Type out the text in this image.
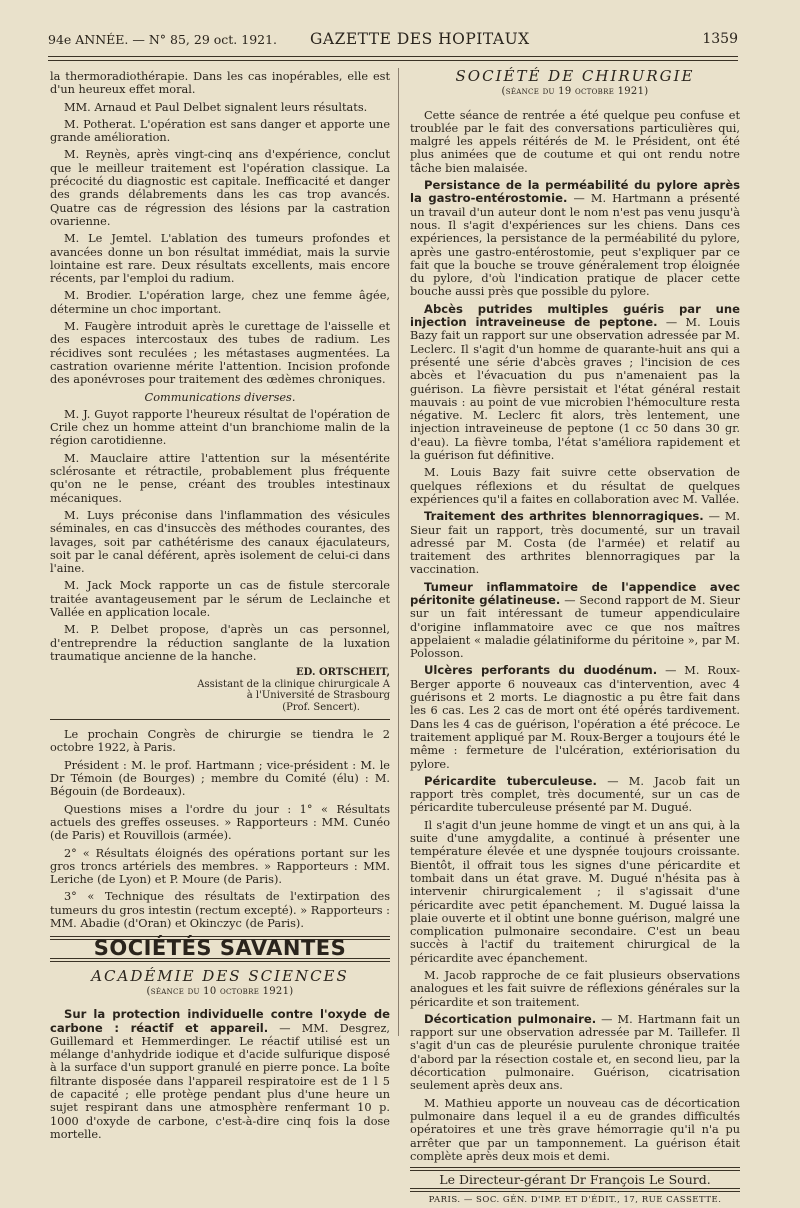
94e ANNÉE. — N° 85, 29 oct. 1921. GAZETTE DES HOPITAUX	1359

la thermoradiothérapie. Dans les cas inopérables, elle est d'un heureux effet moral.

MM. Arnaud et Paul Delbet signalent leurs résultats.

M. Potherat. L'opération est sans danger et apporte une grande amélioration.

M. Reynès, après vingt-cinq ans d'expérience, conclut que le meilleur traitement est l'opération classique. La précocité du diagnostic est capitale. Inefficacité et danger des grands délabrements dans les cas trop avancés. Quatre cas de régression des lésions par la castration ovarienne.

M. Le Jemtel. L'ablation des tumeurs profondes et avancées donne un bon résultat immédiat, mais la survie lointaine est rare. Deux résultats excellents, mais encore récents, par l'emploi du radium.

M. Brodier. L'opération large, chez une femme âgée, détermine un choc important.

M. Faugère introduit après le curettage de l'aisselle et des espaces intercostaux des tubes de radium. Les récidives sont reculées ; les métastases augmentées. La castration ovarienne mérite l'attention. Incision profonde des aponévroses pour traitement des œdèmes chroniques.

Communications diverses.

M. J. Guyot rapporte l'heureux résultat de l'opération de Crile chez un homme atteint d'un branchiome malin de la région carotidienne.

M. Mauclaire attire l'attention sur la mésentérite sclérosante et rétractile, probablement plus fréquente qu'on ne le pense, créant des troubles intestinaux mécaniques.

M. Luys préconise dans l'inflammation des vésicules séminales, en cas d'insuccès des méthodes courantes, des lavages, soit par cathétérisme des canaux éjaculateurs, soit par le canal déférent, après isolement de celui-ci dans l'aine.

M. Jack Mock rapporte un cas de fistule stercorale traitée avantageusement par le sérum de Leclainche et Vallée en application locale.

M. P. Delbet propose, d'après un cas personnel, d'entreprendre la réduction sanglante de la luxation traumatique ancienne de la hanche.

ED. ORTSCHEIT,

Assistant de la clinique chirurgicale A

à l'Université de Strasbourg

(Prof. Sencert).

Le prochain Congrès de chirurgie se tiendra le 2 octobre 1922, à Paris.

Président : M. le prof. Hartmann ; vice-président : M. le Dr Témoin (de Bourges) ; membre du Comité (élu) : M. Bégouin (de Bordeaux).

Questions mises a l'ordre du jour : 1° « Résultats actuels des greffes osseuses. » Rapporteurs : MM. Cunéo (de Paris) et Rouvillois (armée).

2° « Résultats éloignés des opérations portant sur les gros troncs artériels des membres. » Rapporteurs : MM. Leriche (de Lyon) et P. Moure (de Paris).

3° « Technique des résultats de l'extirpation des tumeurs du gros intestin (rectum excepté). » Rapporteurs : MM. Abadie (d'Oran) et Okinczyc (de Paris).

SOCIÉTÉS SAVANTES
ACADÉMIE DES SCIENCES
(séance du 10 octobre 1921)

Sur la protection individuelle contre l'oxyde de carbone : réactif et appareil. — MM. Desgrez, Guillemard et Hemmerdinger. Le réactif utilisé est un mélange d'anhydride iodique et d'acide sulfurique disposé à la surface d'un support granulé en pierre ponce. La boîte filtrante disposée dans l'appareil respiratoire est de 1 l 5 de capacité ; elle protège pendant plus d'une heure un sujet respirant dans une atmosphère renfermant 10 p. 1000 d'oxyde de carbone, c'est-à-dire cinq fois la dose mortelle.

SOCIÉTÉ DE CHIRURGIE
(séance du 19 octobre 1921)

Cette séance de rentrée a été quelque peu confuse et troublée par le fait des conversations particulières qui, malgré les appels réitérés de M. le Président, ont été plus animées que de coutume et qui ont rendu notre tâche bien malaisée.

Persistance de la perméabilité du pylore après la gastro-entérostomie. — M. Hartmann a présenté un travail d'un auteur dont le nom n'est pas venu jusqu'à nous. Il s'agit d'expériences sur les chiens. Dans ces expériences, la persistance de la perméabilité du pylore, après une gastro-entérostomie, peut s'expliquer par ce fait que la bouche se trouve généralement trop éloignée du pylore, d'où l'indication pratique de placer cette bouche aussi près que possible du pylore.

Abcès putrides multiples guéris par une injection intraveineuse de peptone. — M. Louis Bazy fait un rapport sur une observation adressée par M. Leclerc. Il s'agit d'un homme de quarante-huit ans qui a présenté une série d'abcès graves ; l'incision de ces abcès et l'évacuation du pus n'amenaient pas la guérison. La fièvre persistait et l'état général restait mauvais : au point de vue microbien l'hémoculture resta négative. M. Leclerc fit alors, très lentement, une injection intraveineuse de peptone (1 cc 50 dans 30 gr. d'eau). La fièvre tomba, l'état s'améliora rapidement et la guérison fut définitive.

M. Louis Bazy fait suivre cette observation de quelques réflexions et du résultat de quelques expériences qu'il a faites en collaboration avec M. Vallée.

Traitement des arthrites blennorragiques. — M. Sieur fait un rapport, très documenté, sur un travail adressé par M. Costa (de l'armée) et relatif au traitement des arthrites blennorragiques par la vaccination.

Tumeur inflammatoire de l'appendice avec péritonite gélatineuse. — Second rapport de M. Sieur sur un fait intéressant de tumeur appendiculaire d'origine inflammatoire avec ce que nos maîtres appelaient « maladie gélatiniforme du péritoine », par M. Polosson.

Ulcères perforants du duodénum. — M. Roux-Berger apporte 6 nouveaux cas d'intervention, avec 4 guérisons et 2 morts. Le diagnostic a pu être fait dans les 6 cas. Les 2 cas de mort ont été opérés tardivement. Dans les 4 cas de guérison, l'opération a été précoce. Le traitement appliqué par M. Roux-Berger a toujours été le même : fermeture de l'ulcération, extériorisation du pylore.

Péricardite tuberculeuse. — M. Jacob fait un rapport très complet, très documenté, sur un cas de péricardite tuberculeuse présenté par M. Dugué.

Il s'agit d'un jeune homme de vingt et un ans qui, à la suite d'une amygdalite, a continué à présenter une température élevée et une dyspnée toujours croissante. Bientôt, il offrait tous les signes d'une péricardite et tombait dans un état grave. M. Dugué n'hésita pas à intervenir chirurgicalement ; il s'agissait d'une péricardite avec petit épanchement. M. Dugué laissa la plaie ouverte et il obtint une bonne guérison, malgré une complication pulmonaire secondaire. C'est un beau succès à l'actif du traitement chirurgical de la péricardite avec épanchement.

M. Jacob rapproche de ce fait plusieurs observations analogues et les fait suivre de réflexions générales sur la péricardite et son traitement.

Décortication pulmonaire. — M. Hartmann fait un rapport sur une observation adressée par M. Taillefer. Il s'agit d'un cas de pleurésie purulente chronique traitée d'abord par la résection costale et, en second lieu, par la décortication pulmonaire. Guérison, cicatrisation seulement après deux ans.

M. Mathieu apporte un nouveau cas de décortication pulmonaire dans lequel il a eu de grandes difficultés opératoires et une très grave hémorragie qu'il n'a pu arrêter que par un tamponnement. La guérison était complète après deux mois et demi.

Le Directeur-gérant Dr François Le Sourd.

PARIS. — SOC. GÉN. D'IMP. ET D'ÉDIT., 17, RUE CASSETTE.
